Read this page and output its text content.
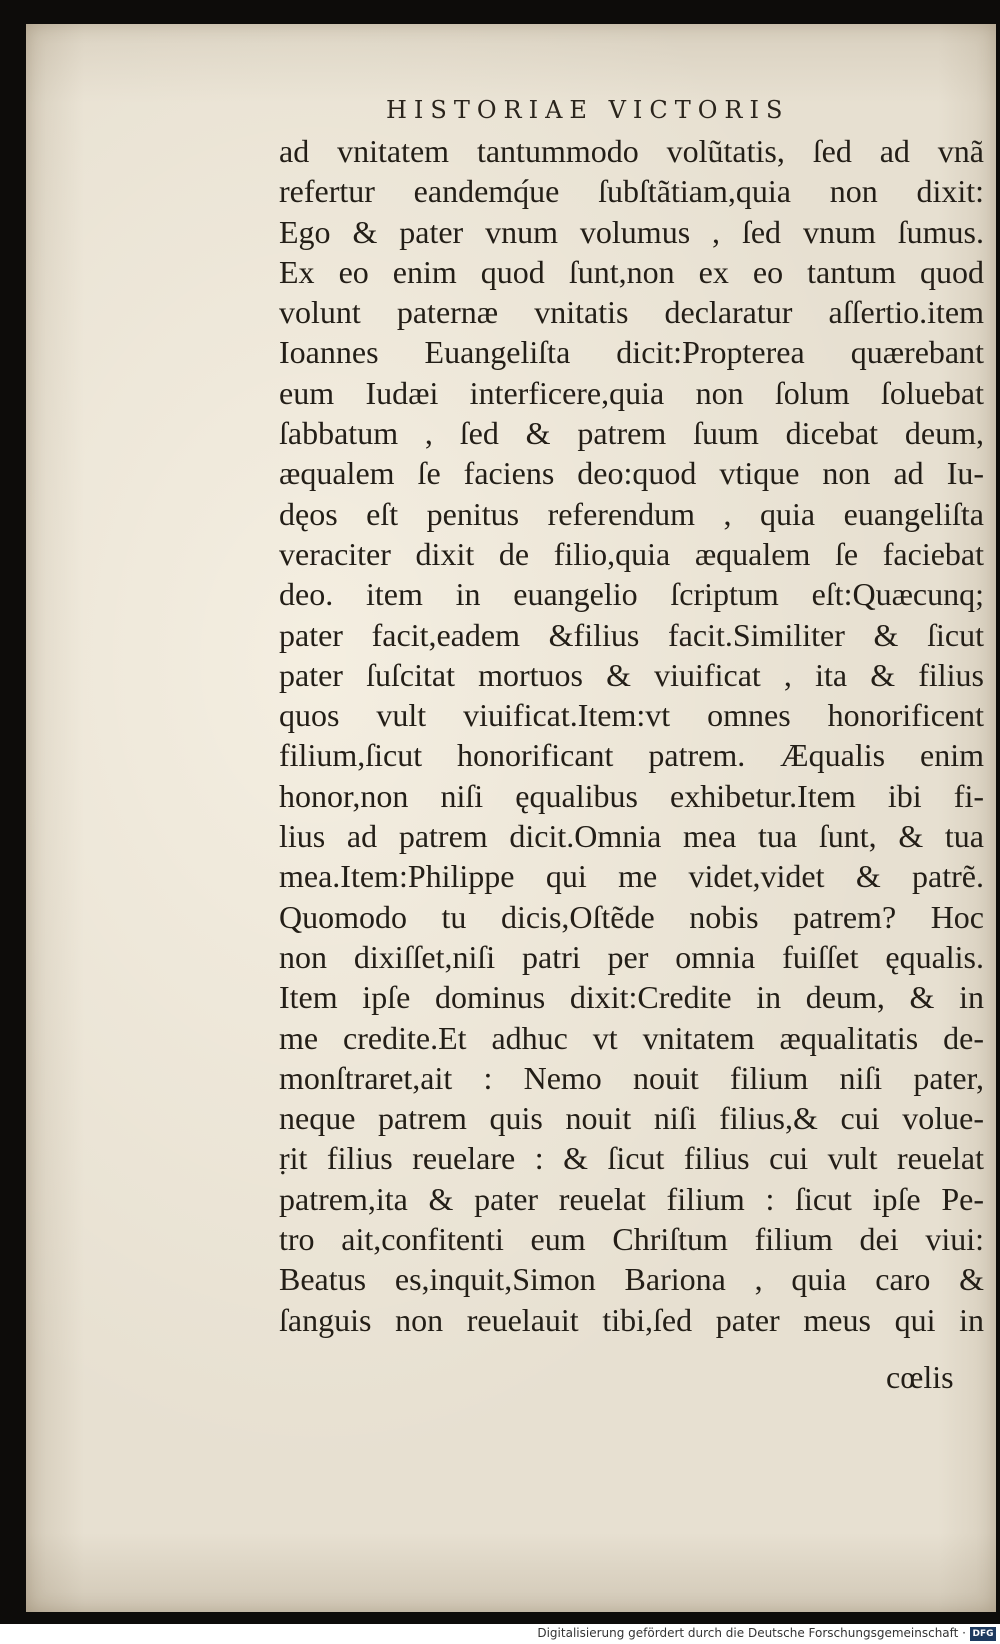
HISTORIAE VICTORIS
ad vnitatem tantummodo volũtatis, ſed ad vnã
refertur eandemq́ue ſubſtãtiam,quia non dixit:
Ego & pater vnum volumus , ſed vnum ſumus.
Ex eo enim quod ſunt,non ex eo tantum quod
volunt paternæ vnitatis declaratur aſſertio.item
Ioannes Euangeliſta dicit:Propterea quærebant
eum Iudæi interficere,quia non ſolum ſoluebat
ſabbatum , ſed & patrem ſuum dicebat deum,
æqualem ſe faciens deo:quod vtique non ad Iu-
dęos eſt penitus referendum , quia euangeliſta
veraciter dixit de filio,quia æqualem ſe faciebat
deo. item in euangelio ſcriptum eſt:Quæcunq;
pater facit,eadem &filius facit.Similiter & ſicut
pater ſuſcitat mortuos & viuificat , ita & filius
quos vult viuificat.Item:vt omnes honorificent
filium,ſicut honorificant patrem. Æqualis enim
honor,non niſi ęqualibus exhibetur.Item ibi fi-
lius ad patrem dicit.Omnia mea tua ſunt, & tua
mea.Item:Philippe qui me videt,videt & patrẽ.
Quomodo tu dicis,Oſtẽde nobis patrem? Hoc
non dixiſſet,niſi patri per omnia fuiſſet ęqualis.
Item ipſe dominus dixit:Credite in deum, & in
me credite.Et adhuc vt vnitatem æqualitatis de-
monſtraret,ait : Nemo nouit filium niſi pater,
neque patrem quis nouit niſi filius,& cui volue-
ṛit filius reuelare : & ſicut filius cui vult reuelat
patrem,ita & pater reuelat filium : ſicut ipſe Pe-
tro ait,confitenti eum Chriſtum filium dei viui:
Beatus es,inquit,Simon Bariona , quia caro &
ſanguis non reuelauit tibi,ſed pater meus qui in
cœlis
Digitalisierung gefördert durch die Deutsche Forschungsgemeinschaft · DFG
